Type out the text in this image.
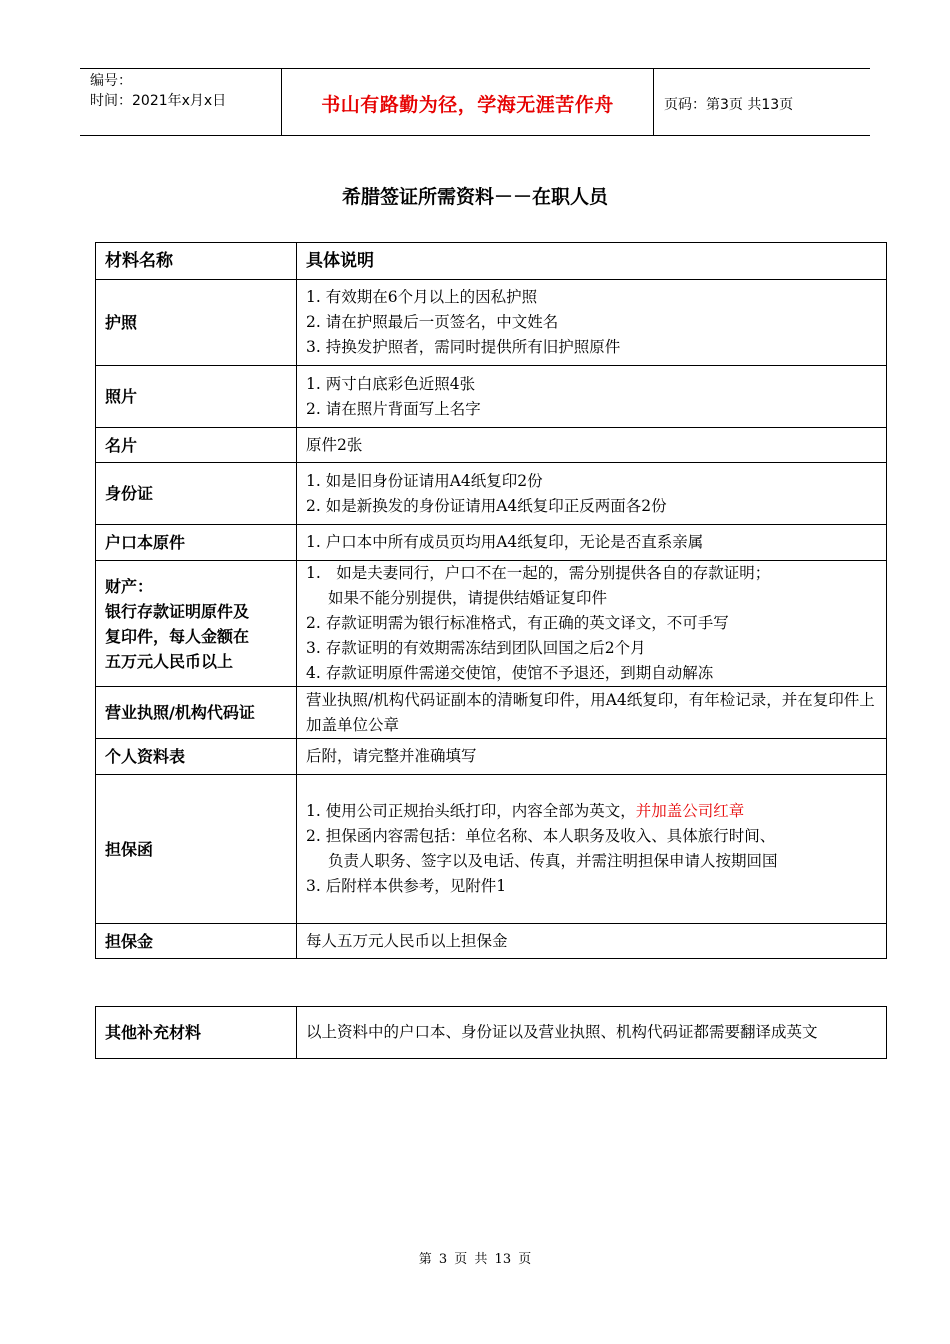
编号：
时间：2021年x月x日	书山有路勤为径，学海无涯苦作舟	页码：第3页 共13页
希腊签证所需资料－－在职人员
材料名称	具体说明
护照	1. 有效期在6个月以上的因私护照
2. 请在护照最后一页签名，中文姓名
3. 持换发护照者，需同时提供所有旧护照原件

照片	1. 两寸白底彩色近照4张
2. 请在照片背面写上名字

名片	原件2张

身份证	1. 如是旧身份证请用A4纸复印2份
2. 如是新换发的身份证请用A4纸复印正反两面各2份

户口本原件	1. 户口本中所有成员页均用A4纸复印，无论是否直系亲属

财产：
银行存款证明原件及
复印件，每人金额在
五万元人民币以上	1.　如是夫妻同行，户口不在一起的，需分别提供各自的存款证明；
如果不能分别提供，请提供结婚证复印件
2. 存款证明需为银行标准格式，有正确的英文译文，不可手写
3. 存款证明的有效期需冻结到团队回国之后2个月
4. 存款证明原件需递交使馆，使馆不予退还，到期自动解冻

营业执照/机构代码证	营业执照/机构代码证副本的清晰复印件，用A4纸复印，有年检记录，并在复印件上加盖单位公章

个人资料表	后附，请完整并准确填写

担保函	1. 使用公司正规抬头纸打印，内容全部为英文，并加盖公司红章
2. 担保函内容需包括：单位名称、本人职务及收入、具体旅行时间、
负责人职务、签字以及电话、传真，并需注明担保申请人按期回国
3. 后附样本供参考，见附件1

担保金	每人五万元人民币以上担保金
其他补充材料	以上资料中的户口本、身份证以及营业执照、机构代码证都需要翻译成英文
第 3 页 共 13 页
